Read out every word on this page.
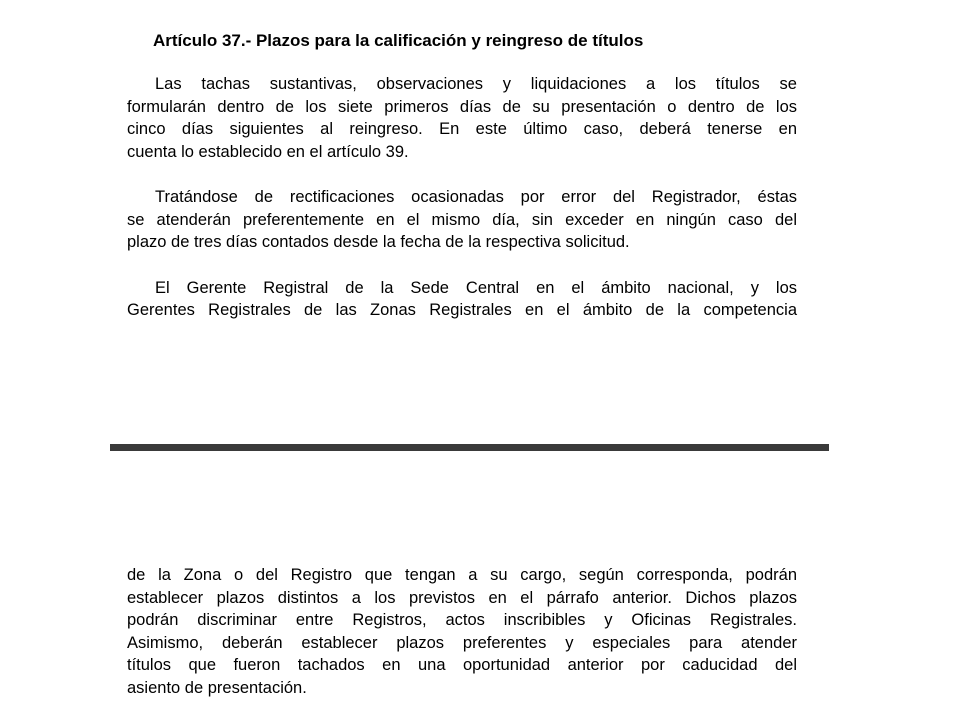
Artículo 37.- Plazos para la calificación y reingreso de títulos
Las tachas sustantivas, observaciones y liquidaciones a los títulos se
formularán dentro de los siete primeros días de su presentación o dentro de los
cinco días siguientes al reingreso. En este último caso, deberá tenerse en
cuenta lo establecido en el artículo 39.
Tratándose de rectificaciones ocasionadas por error del Registrador, éstas
se atenderán preferentemente en el mismo día, sin exceder en ningún caso del
plazo de tres días contados desde la fecha de la respectiva solicitud.
El Gerente Registral de la Sede Central en el ámbito nacional, y los
Gerentes Registrales de las Zonas Registrales en el ámbito de la competencia
de la Zona o del Registro que tengan a su cargo, según corresponda, podrán
establecer plazos distintos a los previstos en el párrafo anterior. Dichos plazos
podrán discriminar entre Registros, actos inscribibles y Oficinas Registrales.
Asimismo, deberán establecer plazos preferentes y especiales para atender
títulos que fueron tachados en una oportunidad anterior por caducidad del
asiento de presentación.
